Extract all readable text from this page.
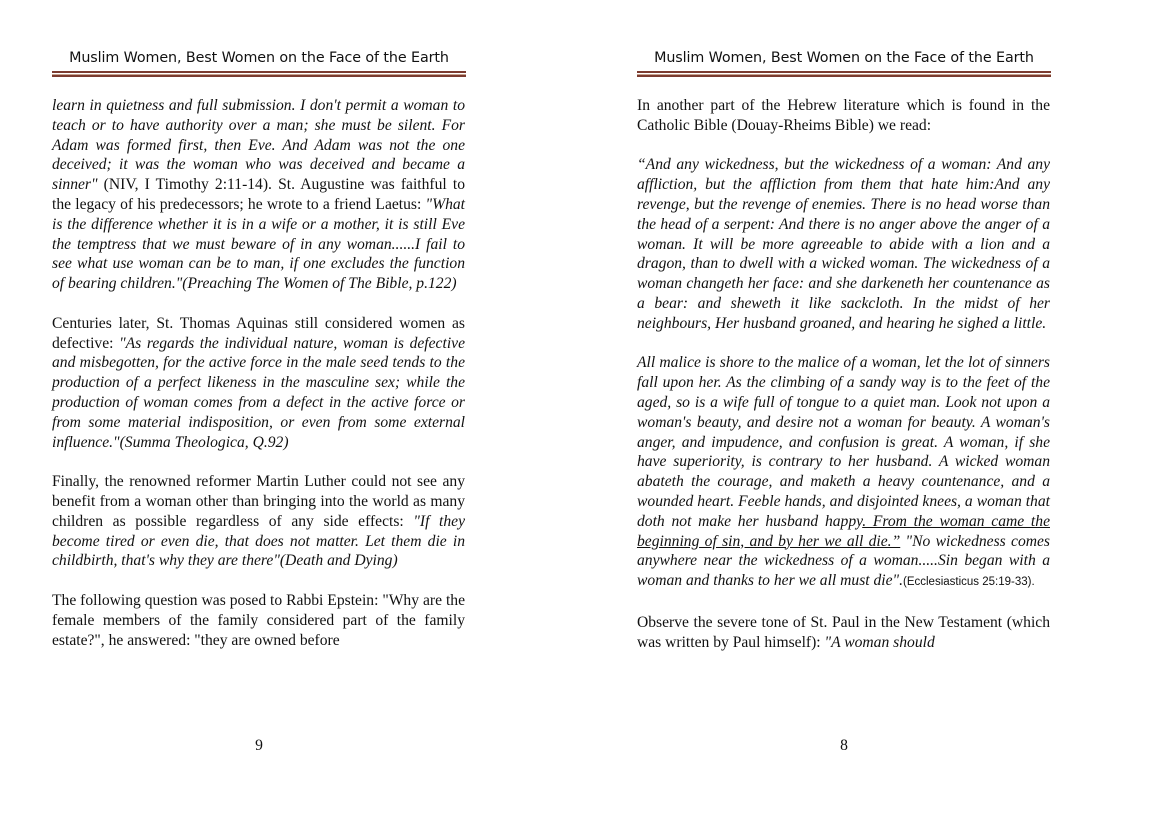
Muslim Women, Best Women on the Face of the Earth

learn in quietness and full submission. I don't permit a woman to teach or to have authority over a man; she must be silent. For Adam was formed first, then Eve. And Adam was not the one deceived; it was the woman who was deceived and became a sinner" (NIV, I Timothy 2:11-14). St. Augustine was faithful to the legacy of his predecessors; he wrote to a friend Laetus: "What is the difference whether it is in a wife or a mother, it is still Eve the temptress that we must beware of in any woman......I fail to see what use woman can be to man, if one excludes the function of bearing children."(Preaching The Women of The Bible, p.122)

Centuries later, St. Thomas Aquinas still considered women as defective: "As regards the individual nature, woman is defective and misbegotten, for the active force in the male seed tends to the production of a perfect likeness in the masculine sex; while the production of woman comes from a defect in the active force or from some material indisposition, or even from some external influence."(Summa Theologica, Q.92)

Finally, the renowned reformer Martin Luther could not see any benefit from a woman other than bringing into the world as many children as possible regardless of any side effects: "If they become tired or even die, that does not matter. Let them die in childbirth, that's why they are there"(Death and Dying)

The following question was posed to Rabbi Epstein: "Why are the female members of the family considered part of the family estate?", he answered: "they are owned before

9
Muslim Women, Best Women on the Face of the Earth

In another part of the Hebrew literature which is found in the Catholic Bible (Douay-Rheims Bible) we read:

“And any wickedness, but the wickedness of a woman: And any affliction, but the affliction from them that hate him:And any revenge, but the revenge of enemies. There is no head worse than the head of a serpent: And there is no anger above the anger of a woman. It will be more agreeable to abide with a lion and a dragon, than to dwell with a wicked woman. The wickedness of a woman changeth her face: and she darkeneth her countenance as a bear: and sheweth it like sackcloth. In the midst of her neighbours, Her husband groaned, and hearing he sighed a little.

All malice is shore to the malice of a woman, let the lot of sinners fall upon her. As the climbing of a sandy way is to the feet of the aged, so is a wife full of tongue to a quiet man. Look not upon a woman's beauty, and desire not a woman for beauty. A woman's anger, and impudence, and confusion is great. A woman, if she have superiority, is contrary to her husband. A wicked woman abateth the courage, and maketh a heavy countenance, and a wounded heart. Feeble hands, and disjointed knees, a woman that doth not make her husband happy. From the woman came the beginning of sin, and by her we all die.” "No wickedness comes anywhere near the wickedness of a woman.....Sin began with a woman and thanks to her we all must die".(Ecclesiasticus 25:19-33).

Observe the severe tone of St. Paul in the New Testament (which was written by Paul himself): "A woman should

8
